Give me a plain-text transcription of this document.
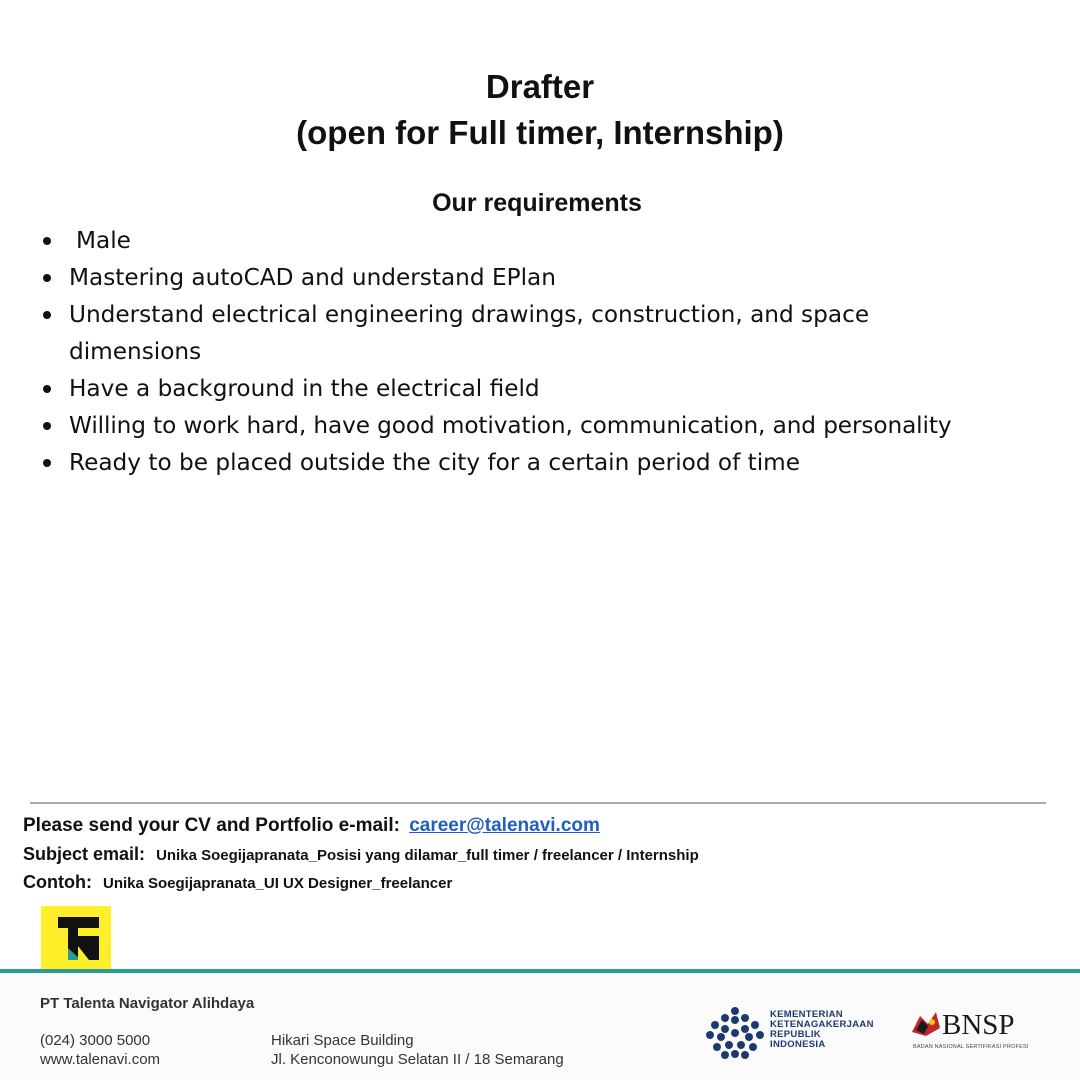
Drafter
(open for Full timer, Internship)
Our requirements
Male
Mastering autoCAD and understand EPlan
Understand electrical engineering drawings, construction, and space dimensions
Have a background in the electrical field
Willing to work hard, have good motivation, communication, and personality
Ready to be placed outside the city for a certain period of time
Please send your CV and Portfolio e-mail: career@talenavi.com
Subject email: Unika Soegijapranata_Posisi yang dilamar_full timer / freelancer / Internship
Contoh: Unika Soegijapranata_UI UX Designer_freelancer
PT Talenta Navigator Alihdaya
(024) 3000 5000
www.talenavi.com
Hikari Space Building
Jl. Kenconowungu Selatan II / 18 Semarang
KEMENTERIAN
KETENAGAKERJAAN
REPUBLIK
INDONESIA
BNSP
BADAN NASIONAL SERTIFIKASI PROFESI
